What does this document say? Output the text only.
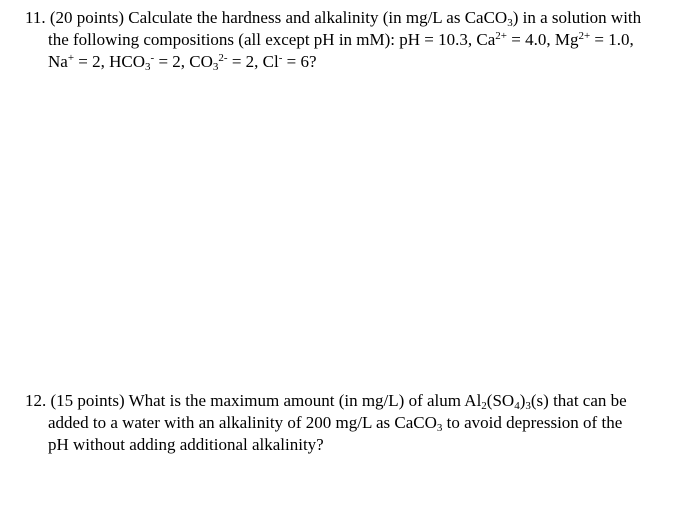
11. (20 points) Calculate the hardness and alkalinity (in mg/L as CaCO$_3$) in a solution with
the following compositions (all except pH in mM): pH = 10.3, $Ca^{2+} = 4.0$, $Mg^{2+} = 1.0$,
Na+ = 2, $HCO_3^- = 2$, $CO_3^{2-} = 2$, Cl- = 6?
12. (15 points) What is the maximum amount (in mg/L) of alum $Al_2(SO_4)_3(s)$ that can be
added to a water with an alkalinity of 200 mg/L as CaCO$_3$ to avoid depression of the
pH without adding additional alkalinity?
